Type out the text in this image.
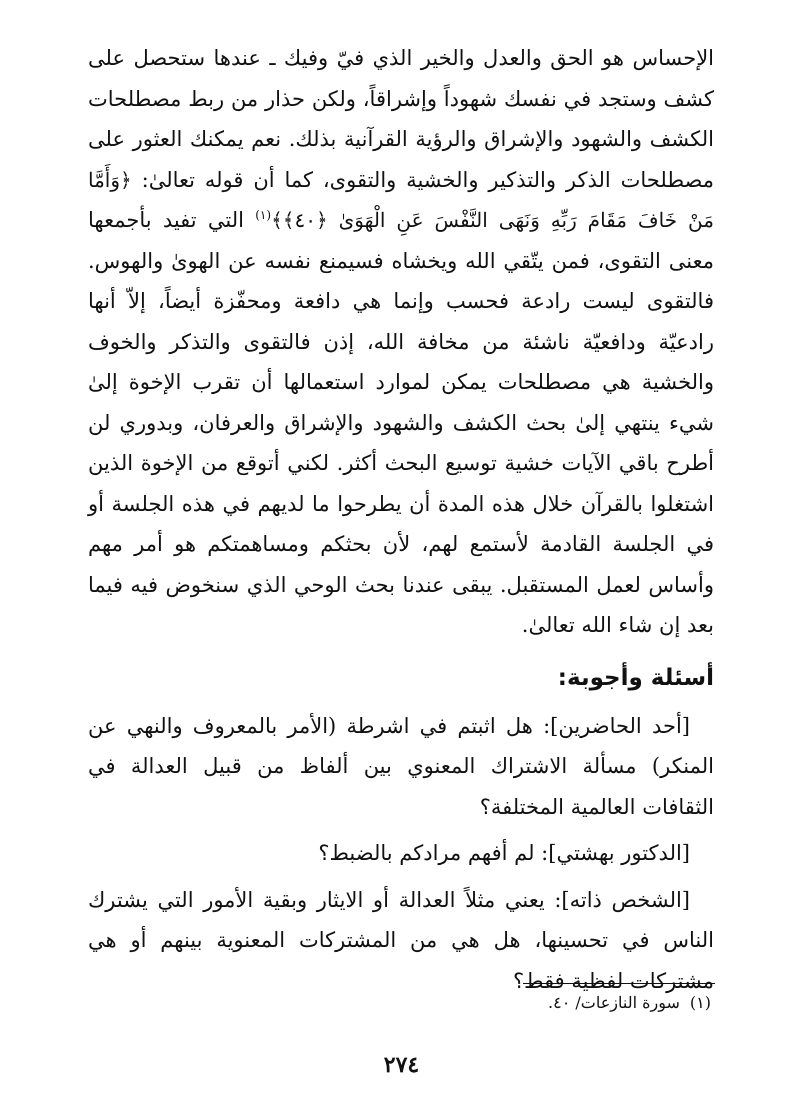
الإحساس هو الحق والعدل والخير الذي فيّ وفيك ـ عندها ستحصل على كشف وستجد في نفسك شهوداً وإشراقاً، ولكن حذار من ربط مصطلحات الكشف والشهود والإشراق والرؤية القرآنية بذلك. نعم يمكنك العثور على مصطلحات الذكر والتذكير والخشية والتقوى، كما أن قوله تعالىٰ: ﴿وَأَمَّا مَنْ خَافَ مَقَامَ رَبِّهِ وَنَهَى النَّفْسَ عَنِ الْهَوَىٰ ﴿٤٠﴾﴾$^{(١)}$ التي تفيد بأجمعها معنى التقوى، فمن يتّقي الله ويخشاه فسيمنع نفسه عن الهوىٰ والهوس. فالتقوى ليست رادعة فحسب وإنما هي دافعة ومحفّزة أيضاً، إلاّ أنها رادعيّة ودافعيّة ناشئة من مخافة الله، إذن فالتقوى والتذكر والخوف والخشية هي مصطلحات يمكن لموارد استعمالها أن تقرب الإخوة إلىٰ شيء ينتهي إلىٰ بحث الكشف والشهود والإشراق والعرفان، وبدوري لن أطرح باقي الآيات خشية توسيع البحث أكثر. لكني أتوقع من الإخوة الذين اشتغلوا بالقرآن خلال هذه المدة أن يطرحوا ما لديهم في هذه الجلسة أو في الجلسة القادمة لأستمع لهم، لأن بحثكم ومساهمتكم هو أمر مهم وأساس لعمل المستقبل. يبقى عندنا بحث الوحي الذي سنخوض فيه فيما بعد إن شاء الله تعالىٰ.

أسئلة وأجوبة:

[أحد الحاضرين]: هل اثبتم في اشرطة (الأمر بالمعروف والنهي عن المنكر) مسألة الاشتراك المعنوي بين ألفاظ من قبيل العدالة في الثقافات العالمية المختلفة؟

[الدكتور بهشتي]: لم أفهم مرادكم بالضبط؟

[الشخص ذاته]: يعني مثلاً العدالة أو الايثار وبقية الأمور التي يشترك الناس في تحسينها، هل هي من المشتركات المعنوية بينهم أو هي مشتركات لفظية فقط؟

(١)سورة النازعات/ ٤٠.
٢٧٤
